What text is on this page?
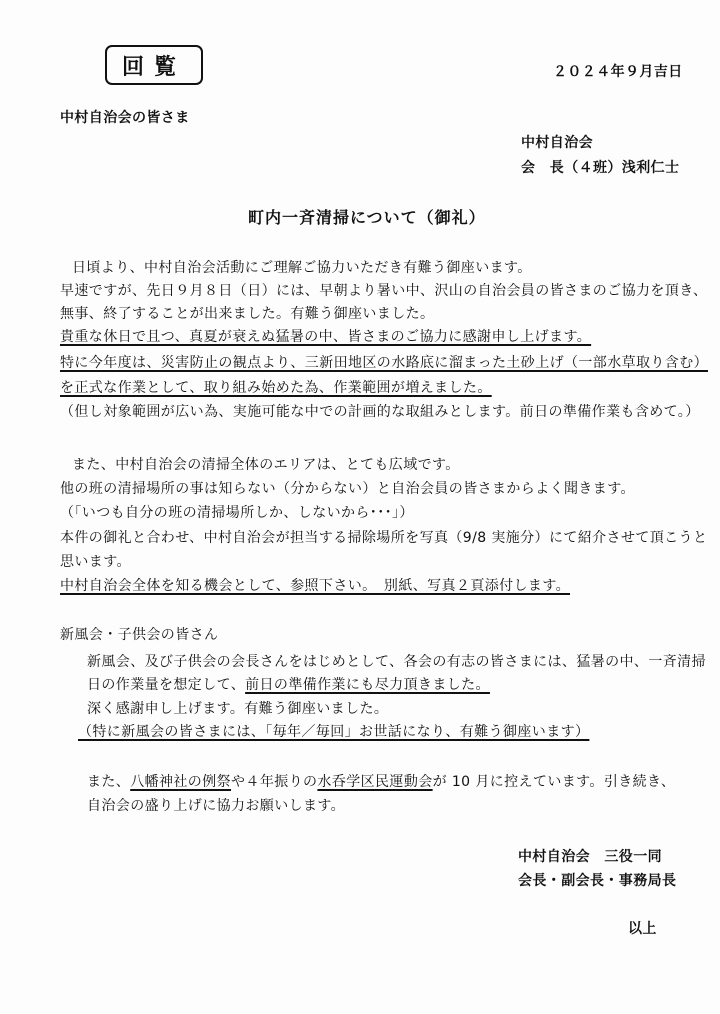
回覧	２０２４年９月吉日
中村自治会の皆さま
中村自治会
会　長（４班）浅利仁士
町内一斉清掃について（御礼）
日頃より、中村自治会活動にご理解ご協力いただき有難う御座います。
早速ですが、先日９月８日（日）には、早朝より暑い中、沢山の自治会員の皆さまのご協力を頂き、
無事、終了することが出来ました。有難う御座いました。
貴重な休日で且つ、真夏が衰えぬ猛暑の中、皆さまのご協力に感謝申し上げます。
特に今年度は、災害防止の観点より、三新田地区の水路底に溜まった土砂上げ（一部水草取り含む）
を正式な作業として、取り組み始めた為、作業範囲が増えました。
（但し対象範囲が広い為、実施可能な中での計画的な取組みとします。前日の準備作業も含めて。）
また、中村自治会の清掃全体のエリアは、とても広域です。
他の班の清掃場所の事は知らない（分からない）と自治会員の皆さまからよく聞きます。
（「いつも自分の班の清掃場所しか、しないから･･･」）
本件の御礼と合わせ、中村自治会が担当する掃除場所を写真（9/8 実施分）にて紹介させて頂こうと
思います。
中村自治会全体を知る機会として、参照下さい。　別紙、写真２頁添付します。
新風会・子供会の皆さん
新風会、及び子供会の会長さんをはじめとして、各会の有志の皆さまには、猛暑の中、一斉清掃
日の作業量を想定して、前日の準備作業にも尽力頂きました。
深く感謝申し上げます。有難う御座いました。
（特に新風会の皆さまには、「毎年／毎回」お世話になり、有難う御座います）
また、八幡神社の例祭や４年振りの水呑学区民運動会が 10 月に控えています。引き続き、
自治会の盛り上げに協力お願いします。
中村自治会　三役一同
会長・副会長・事務局長
以上
